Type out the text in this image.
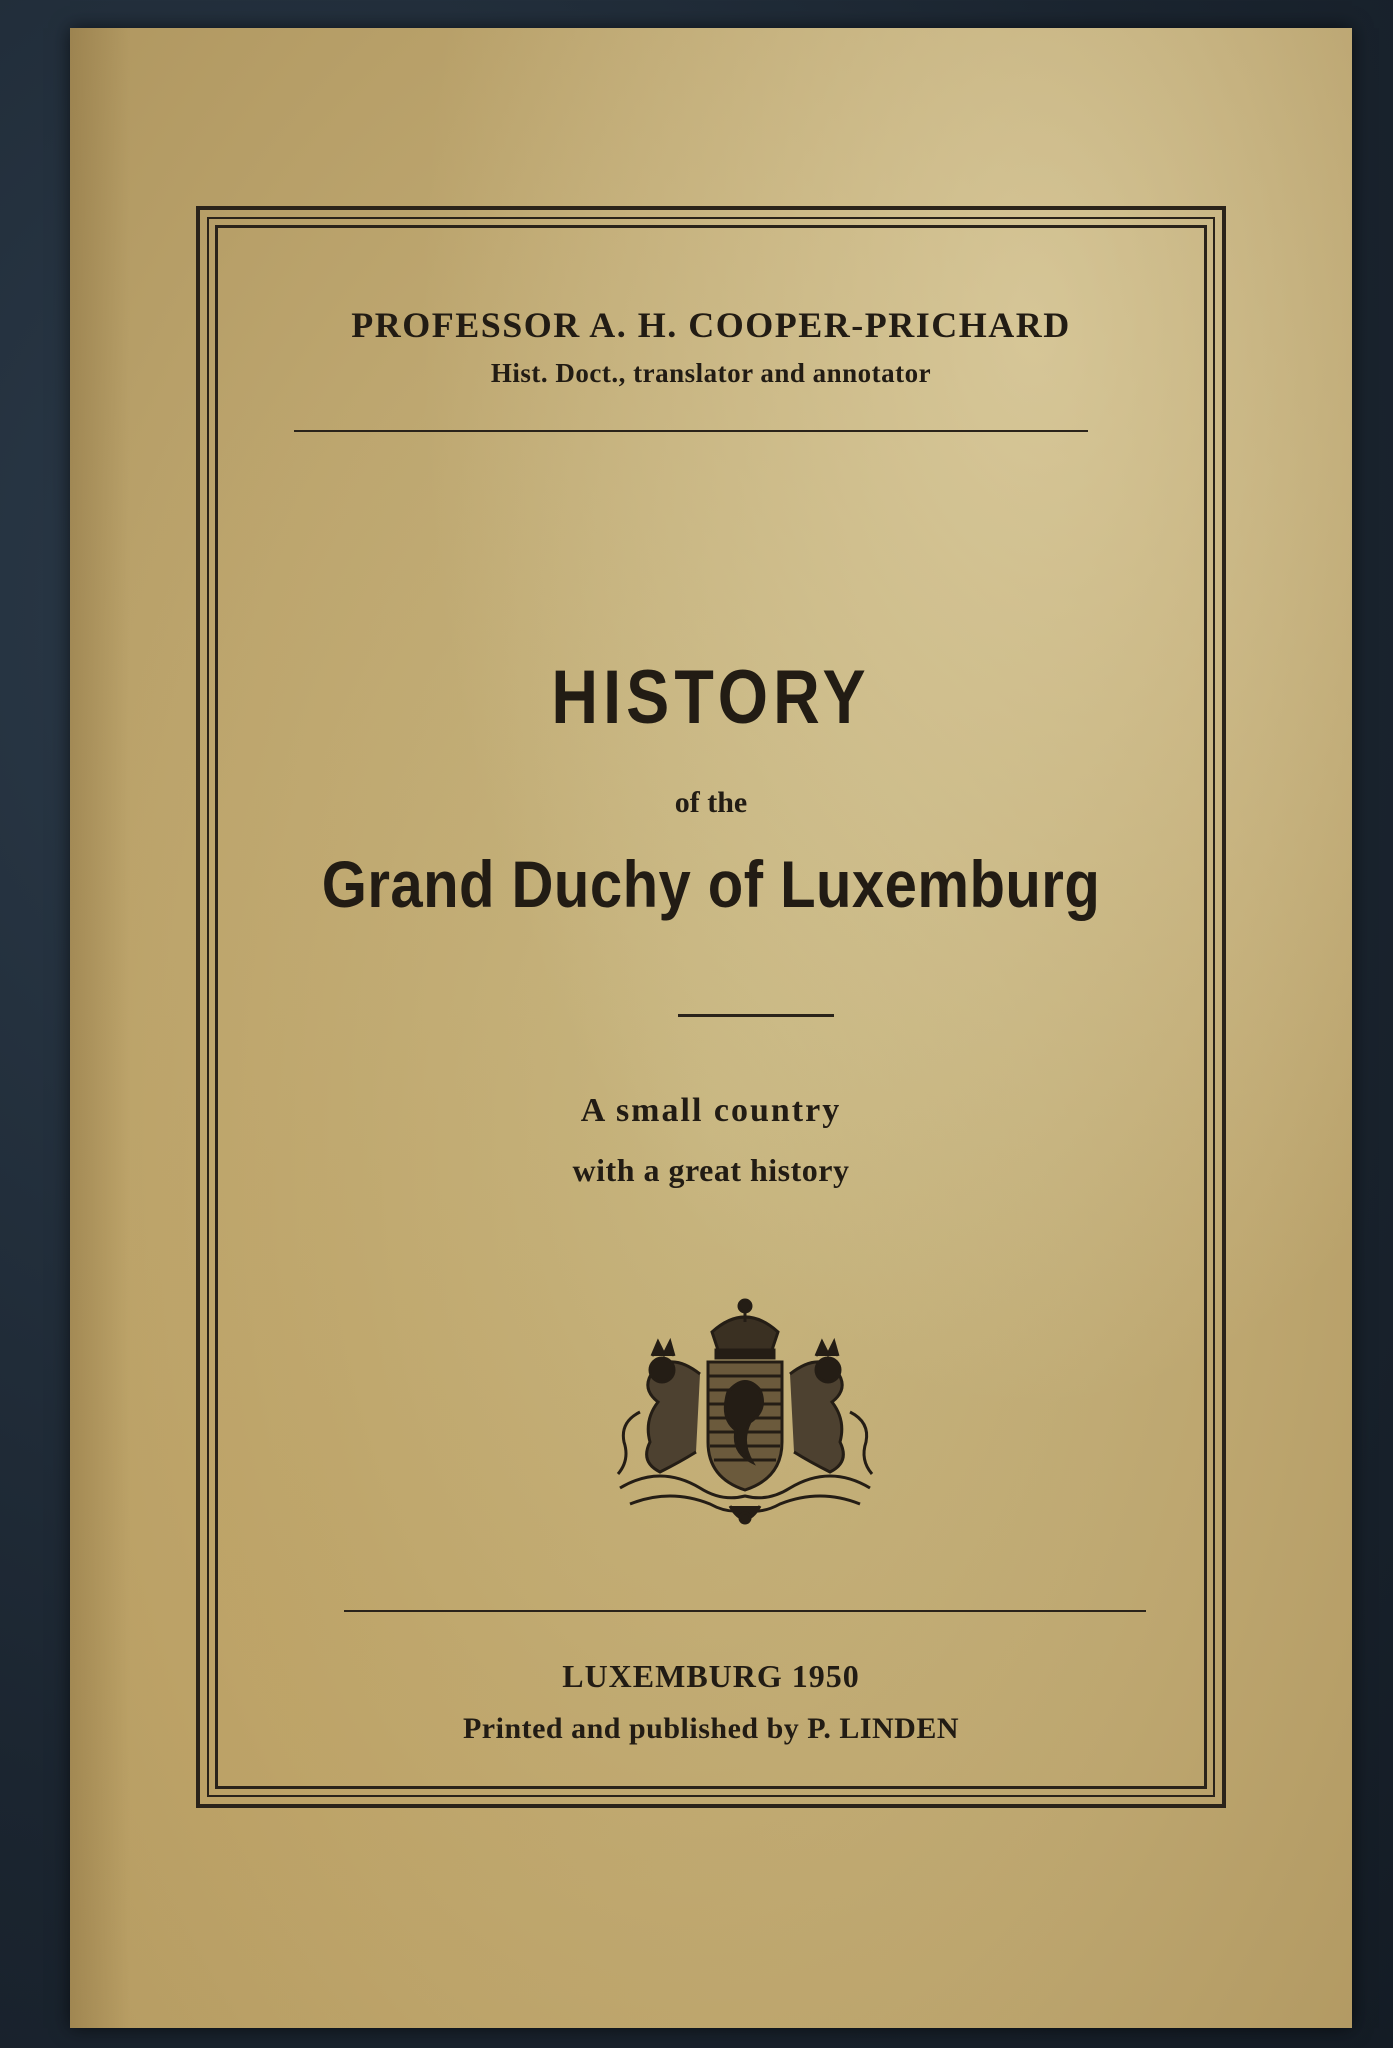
PROFESSOR A. H. COOPER-PRICHARD
Hist. Doct., translator and annotator
HISTORY
of the
Grand Duchy of Luxemburg
A small country
with a great history
LUXEMBURG 1950
Printed and published by P. LINDEN
